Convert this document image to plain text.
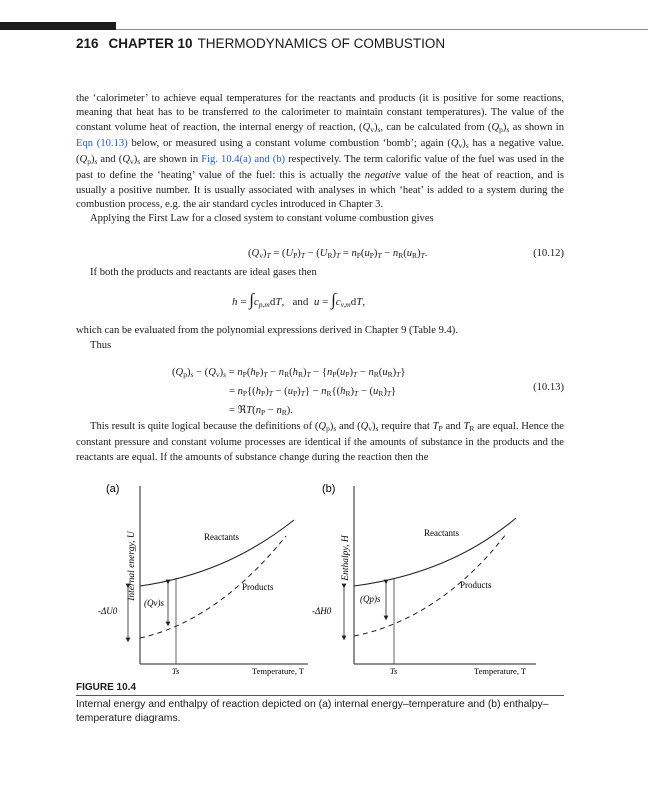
216 CHAPTER 10 THERMODYNAMICS OF COMBUSTION

the ‘calorimeter’ to achieve equal temperatures for the reactants and products (it is positive for some reactions, meaning that heat has to be transferred to the calorimeter to maintain constant temperatures). The value of the constant volume heat of reaction, the internal energy of reaction, $(Q_v)_s$, can be calculated from $(Q_p)_s$ as shown in Eqn (10.13) below, or measured using a constant volume combustion ‘bomb’; again $(Q_v)_s$ has a negative value. $(Q_p)_s$ and $(Q_v)_s$ are shown in Fig. 10.4(a) and (b) respectively. The term calorific value of the fuel was used in the past to define the ‘heating’ value of the fuel: this is actually the negative value of the heat of reaction, and is usually a positive number. It is usually associated with analyses in which ‘heat’ is added to a system during the combustion process, e.g. the air standard cycles introduced in Chapter 3.

Applying the First Law for a closed system to constant volume combustion gives

$(Q_v)_T = (U_P)_T - (U_R)_T = n_P(u_P)_T - n_R(u_R)_T$.	(10.12)
If both the products and reactants are ideal gases then
$h = \int c_{p,m}dT$,   and  $u = \int c_{v,m}dT$,
which can be evaluated from the polynomial expressions derived in Chapter 9 (Table 9.4).
Thus
$(Q_p)_s - (Q_v)_s = n_P(h_P)_T - n_R(h_R)_T - \{n_P(u_P)_T - n_R(u_R)_T\}$
= $n_P\{(h_P)_T - (u_P)_T\} - n_R\{(h_R)_T - (u_R)_T\}$
= $ℜT(n_P - n_R)$.
(10.13)

This result is quite logical because the definitions of $(Q_p)_s$ and $(Q_v)_s$ require that $T_P$ and $T_R$ are equal. Hence the constant pressure and constant volume processes are identical if the amounts of substance in the products and the reactants are equal. If the amounts of substance change during the reaction then the

(a)
Internal energy, U	Reactants
Products
-ΔU0
(Qv)s
Ts	Temperature, T
(b)
Enthalpy, H
Reactants
Products
-ΔH0
(Qp)s
Ts	Temperature, T
FIGURE 10.4
Internal energy and enthalpy of reaction depicted on (a) internal energy–temperature and (b) enthalpy–temperature diagrams.
